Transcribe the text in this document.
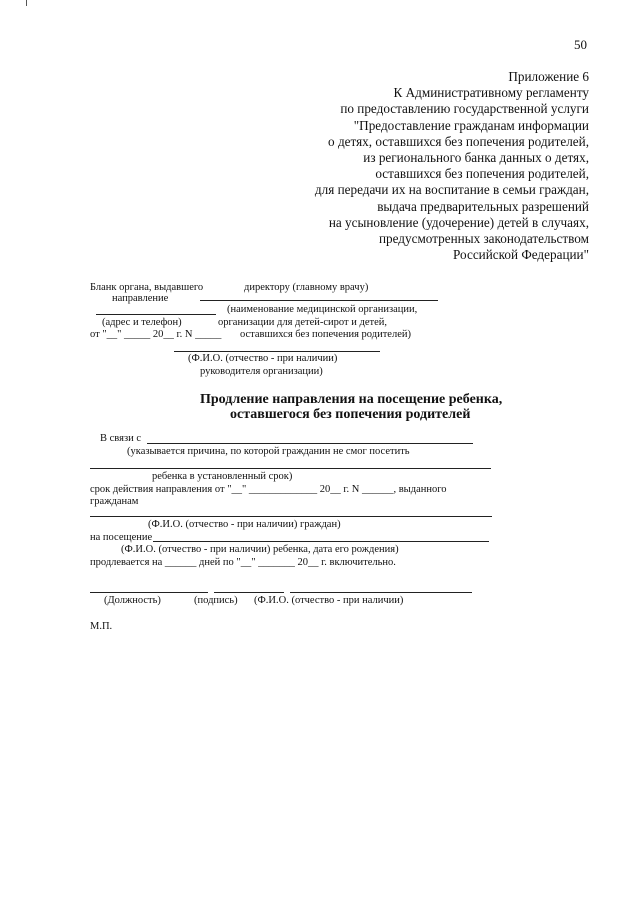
50
Приложение 6
К Административному регламенту
по предоставлению государственной услуги
"Предоставление гражданам информации
о детях, оставшихся без попечения родителей,
из регионального банка данных о детях,
оставшихся без попечения родителей,
для передачи их на воспитание в семьи граждан,
выдача предварительных разрешений
на усыновление (удочерение) детей в случаях,
предусмотренных законодательством
Российской Федерации"
Бланк органа, выдавшего
направление
директору (главному врачу)
(наименование медицинской организации,
(адрес и телефон)	организации для детей-сирот и детей,
от "__" _____ 20__ г. N _____ оставшихся без попечения родителей)
(Ф.И.О. (отчество - при наличии)
руководителя организации)
Продление направления на посещение ребенка,
оставшегося без попечения родителей
В связи с
(указывается причина, по которой гражданин не смог посетить
ребенка в установленный срок)
срок действия направления от "__" _____________ 20__ г. N ______, выданного
гражданам
(Ф.И.О. (отчество - при наличии) граждан)
на посещение
(Ф.И.О. (отчество - при наличии) ребенка, дата его рождения)
продлевается на ______ дней по "__" _______ 20__ г. включительно.
(Должность)	(подпись) (Ф.И.О. (отчество - при наличии)
М.П.
